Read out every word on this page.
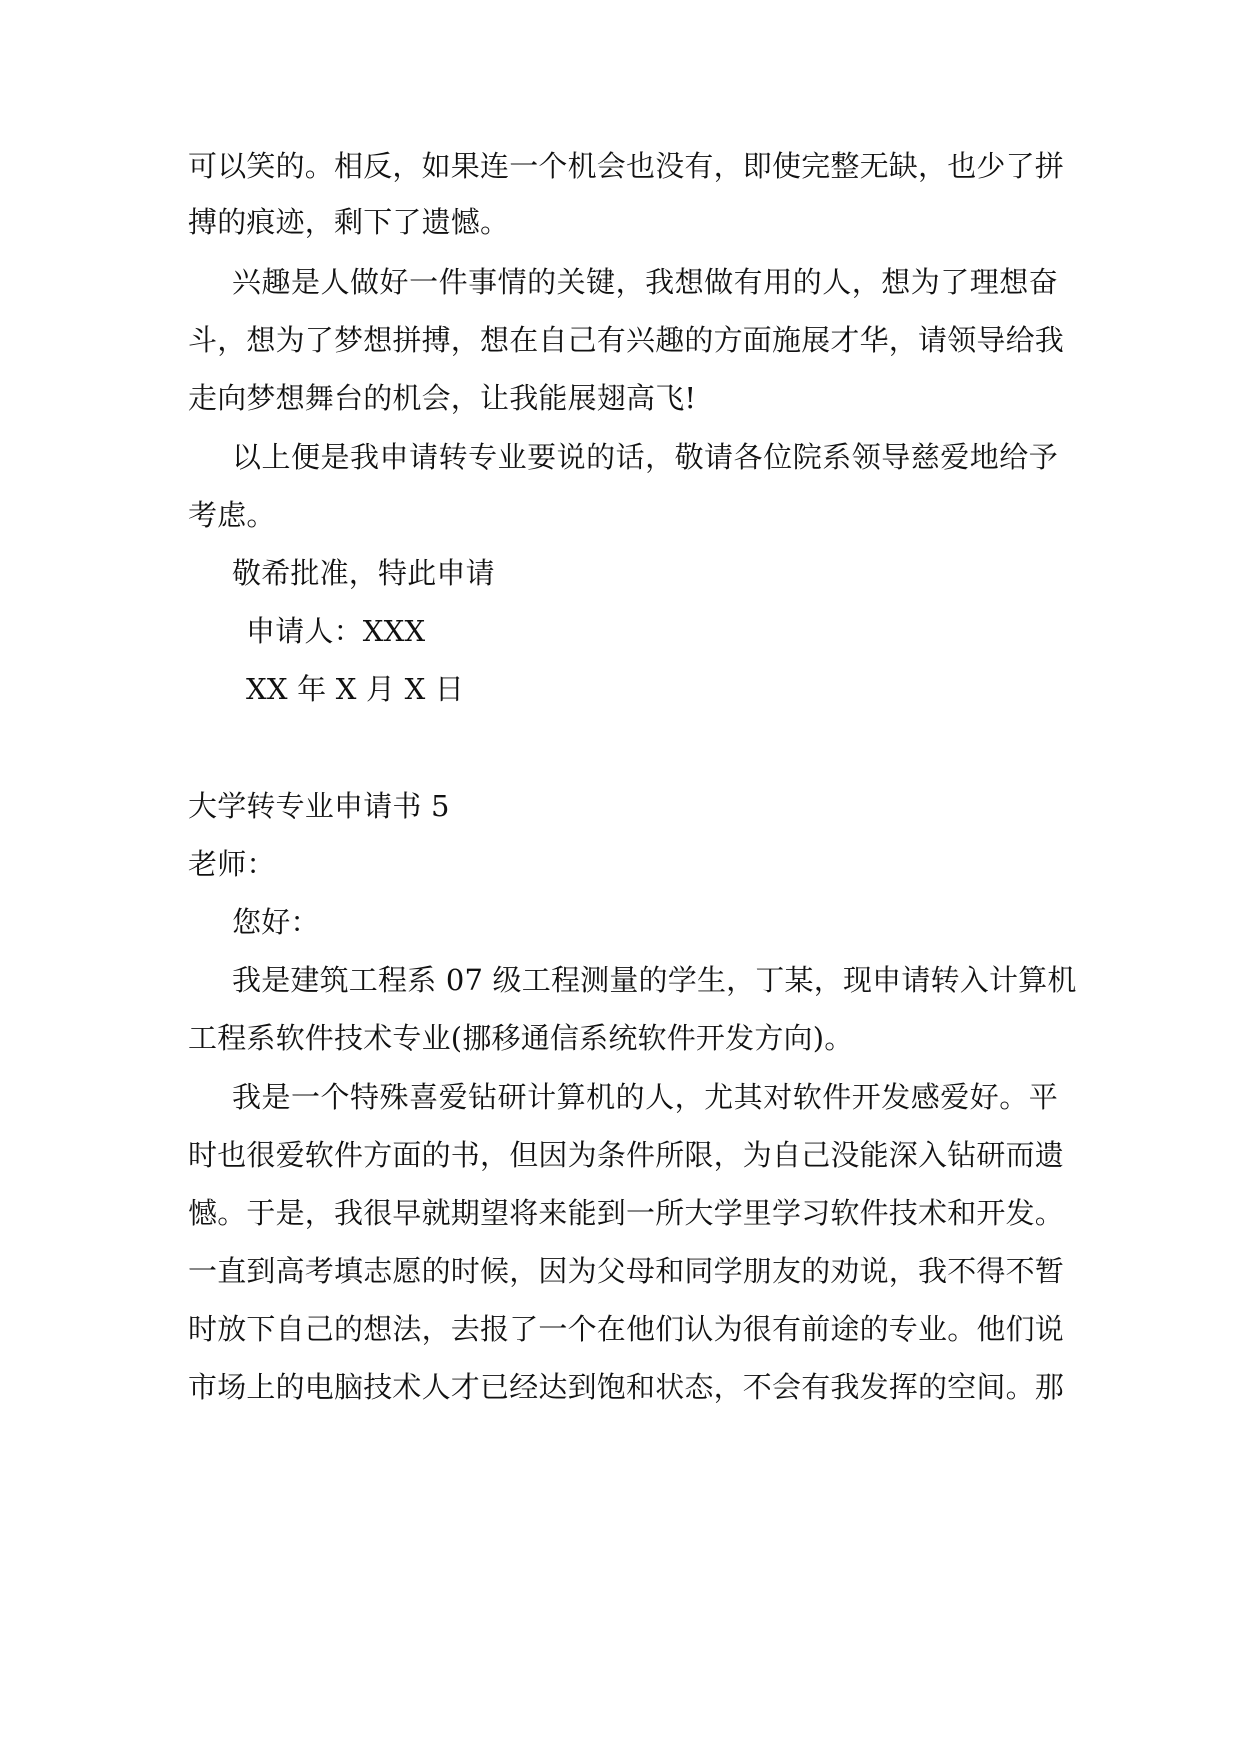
可以笑的。相反，如果连一个机会也没有，即使完整无缺，也少了拼
搏的痕迹，剩下了遗憾。
兴趣是人做好一件事情的关键，我想做有用的人，想为了理想奋
斗，想为了梦想拼搏，想在自己有兴趣的方面施展才华，请领导给我
走向梦想舞台的机会，让我能展翅高飞!
以上便是我申请转专业要说的话，敬请各位院系领导慈爱地给予
考虑。
敬希批准，特此申请
申请人：XXX
XX 年 X 月 X 日
大学转专业申请书 5
老师：
您好：
我是建筑工程系 07 级工程测量的学生，丁某，现申请转入计算机
工程系软件技术专业(挪移通信系统软件开发方向)。
我是一个特殊喜爱钻研计算机的人，尤其对软件开发感爱好。平
时也很爱软件方面的书，但因为条件所限，为自己没能深入钻研而遗
憾。于是，我很早就期望将来能到一所大学里学习软件技术和开发。
一直到高考填志愿的时候，因为父母和同学朋友的劝说，我不得不暂
时放下自己的想法，去报了一个在他们认为很有前途的专业。他们说
市场上的电脑技术人才已经达到饱和状态，不会有我发挥的空间。那
